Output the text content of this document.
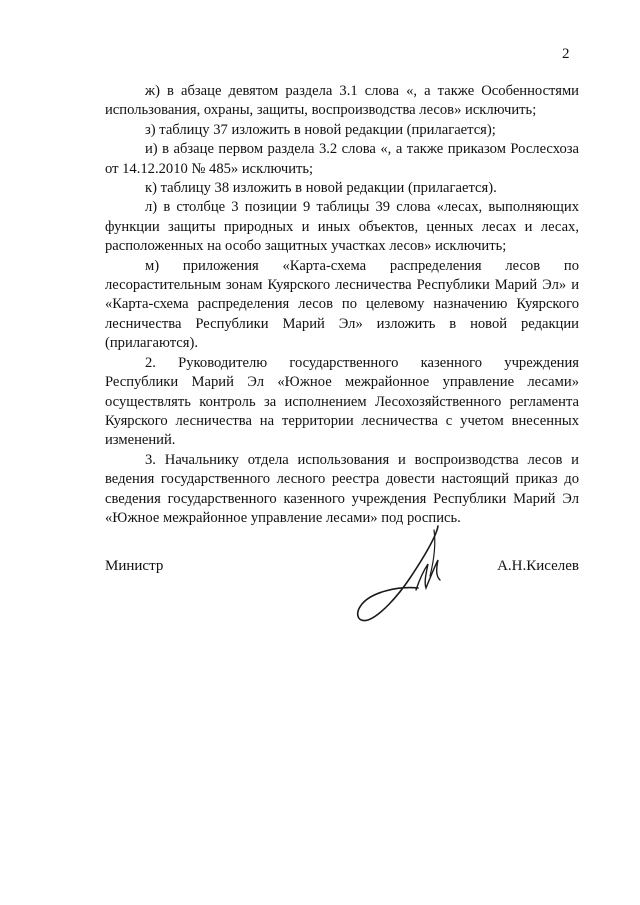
2

ж) в абзаце девятом раздела 3.1 слова «, а также Особенностями использования, охраны, защиты, воспроизводства лесов» исключить;

з) таблицу 37 изложить в новой редакции (прилагается);

и) в абзаце первом раздела 3.2 слова «, а также приказом Рослесхоза от 14.12.2010 № 485» исключить;

к) таблицу 38 изложить в новой редакции (прилагается).

л) в столбце 3 позиции 9 таблицы 39 слова «лесах, выполняющих функции защиты природных и иных объектов, ценных лесах и лесах, расположенных на особо защитных участках лесов» исключить;

м) приложения «Карта-схема распределения лесов по лесорастительным зонам Куярского лесничества Республики Марий Эл» и «Карта-схема распределения лесов по целевому назначению Куярского лесничества Республики Марий Эл» изложить в новой редакции (прилагаются).

2. Руководителю государственного казенного учреждения Республики Марий Эл «Южное межрайонное управление лесами» осуществлять контроль за исполнением Лесохозяйственного регламента Куярского лесничества на территории лесничества с учетом внесенных изменений.

3. Начальнику отдела использования и воспроизводства лесов и ведения государственного лесного реестра довести настоящий приказ до сведения государственного казенного учреждения Республики Марий Эл «Южное межрайонное управление лесами» под роспись.

Министр	А.Н.Киселев
